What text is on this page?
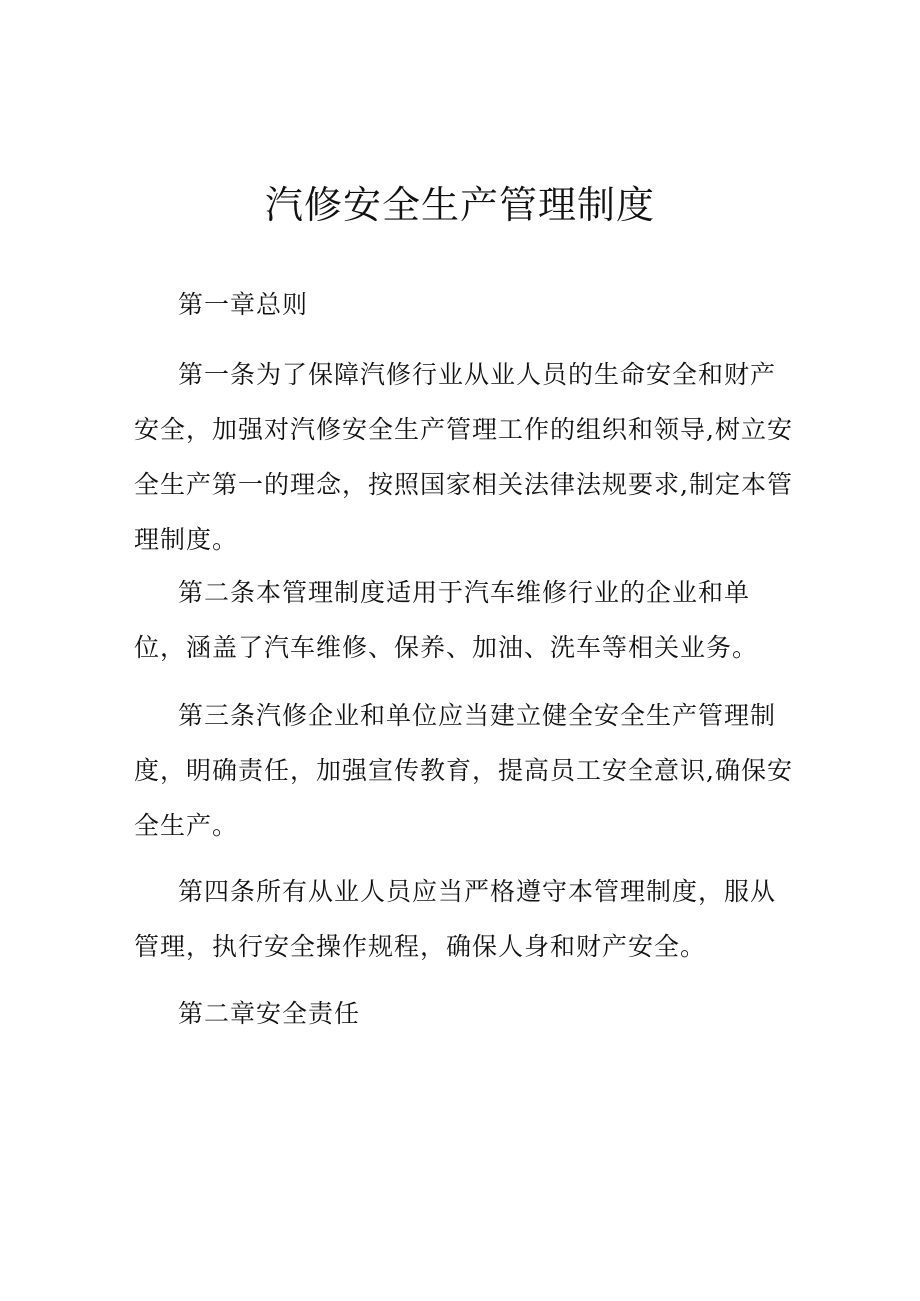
汽修安全生产管理制度
第一章总则

第一条为了保障汽修行业从业人员的生命安全和财产安全，加强对汽修安全生产管理工作的组织和领导,树立安全生产第一的理念，按照国家相关法律法规要求,制定本管理制度。

第二条本管理制度适用于汽车维修行业的企业和单位，涵盖了汽车维修、保养、加油、洗车等相关业务。

第三条汽修企业和单位应当建立健全安全生产管理制度，明确责任，加强宣传教育，提高员工安全意识,确保安全生产。

第四条所有从业人员应当严格遵守本管理制度，服从管理，执行安全操作规程，确保人身和财产安全。

第二章安全责任
